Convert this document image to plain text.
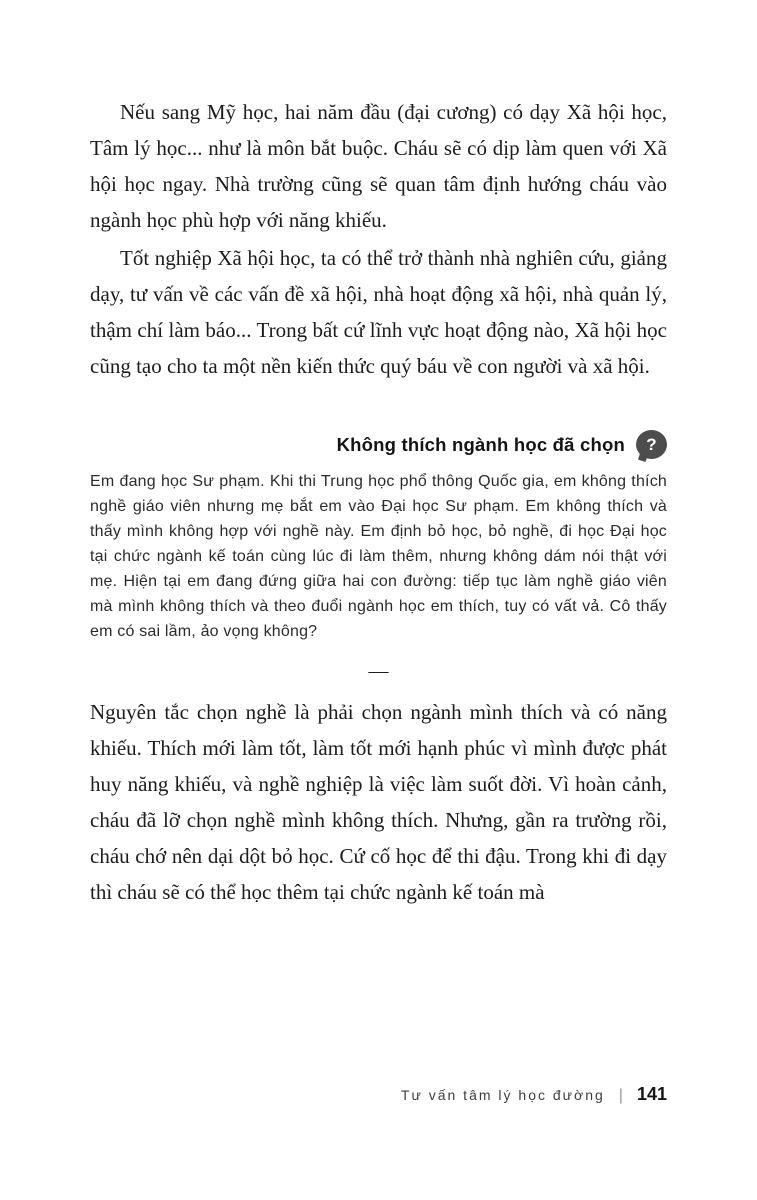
Nếu sang Mỹ học, hai năm đầu (đại cương) có dạy Xã hội học, Tâm lý học... như là môn bắt buộc. Cháu sẽ có dịp làm quen với Xã hội học ngay. Nhà trường cũng sẽ quan tâm định hướng cháu vào ngành học phù hợp với năng khiếu.

Tốt nghiệp Xã hội học, ta có thể trở thành nhà nghiên cứu, giảng dạy, tư vấn về các vấn đề xã hội, nhà hoạt động xã hội, nhà quản lý, thậm chí làm báo... Trong bất cứ lĩnh vực hoạt động nào, Xã hội học cũng tạo cho ta một nền kiến thức quý báu về con người và xã hội.

Không thích ngành học đã chọn ?

Em đang học Sư phạm. Khi thi Trung học phổ thông Quốc gia, em không thích nghề giáo viên nhưng mẹ bắt em vào Đại học Sư phạm. Em không thích và thấy mình không hợp với nghề này. Em định bỏ học, bỏ nghề, đi học Đại học tại chức ngành kế toán cùng lúc đi làm thêm, nhưng không dám nói thật với mẹ. Hiện tại em đang đứng giữa hai con đường: tiếp tục làm nghề giáo viên mà mình không thích và theo đuổi ngành học em thích, tuy có vất vả. Cô thấy em có sai lầm, ảo vọng không?

—

Nguyên tắc chọn nghề là phải chọn ngành mình thích và có năng khiếu. Thích mới làm tốt, làm tốt mới hạnh phúc vì mình được phát huy năng khiếu, và nghề nghiệp là việc làm suốt đời. Vì hoàn cảnh, cháu đã lỡ chọn nghề mình không thích. Nhưng, gần ra trường rồi, cháu chớ nên dại dột bỏ học. Cứ cố học để thi đậu. Trong khi đi dạy thì cháu sẽ có thể học thêm tại chức ngành kế toán mà

Tư vấn tâm lý học đường | 141
